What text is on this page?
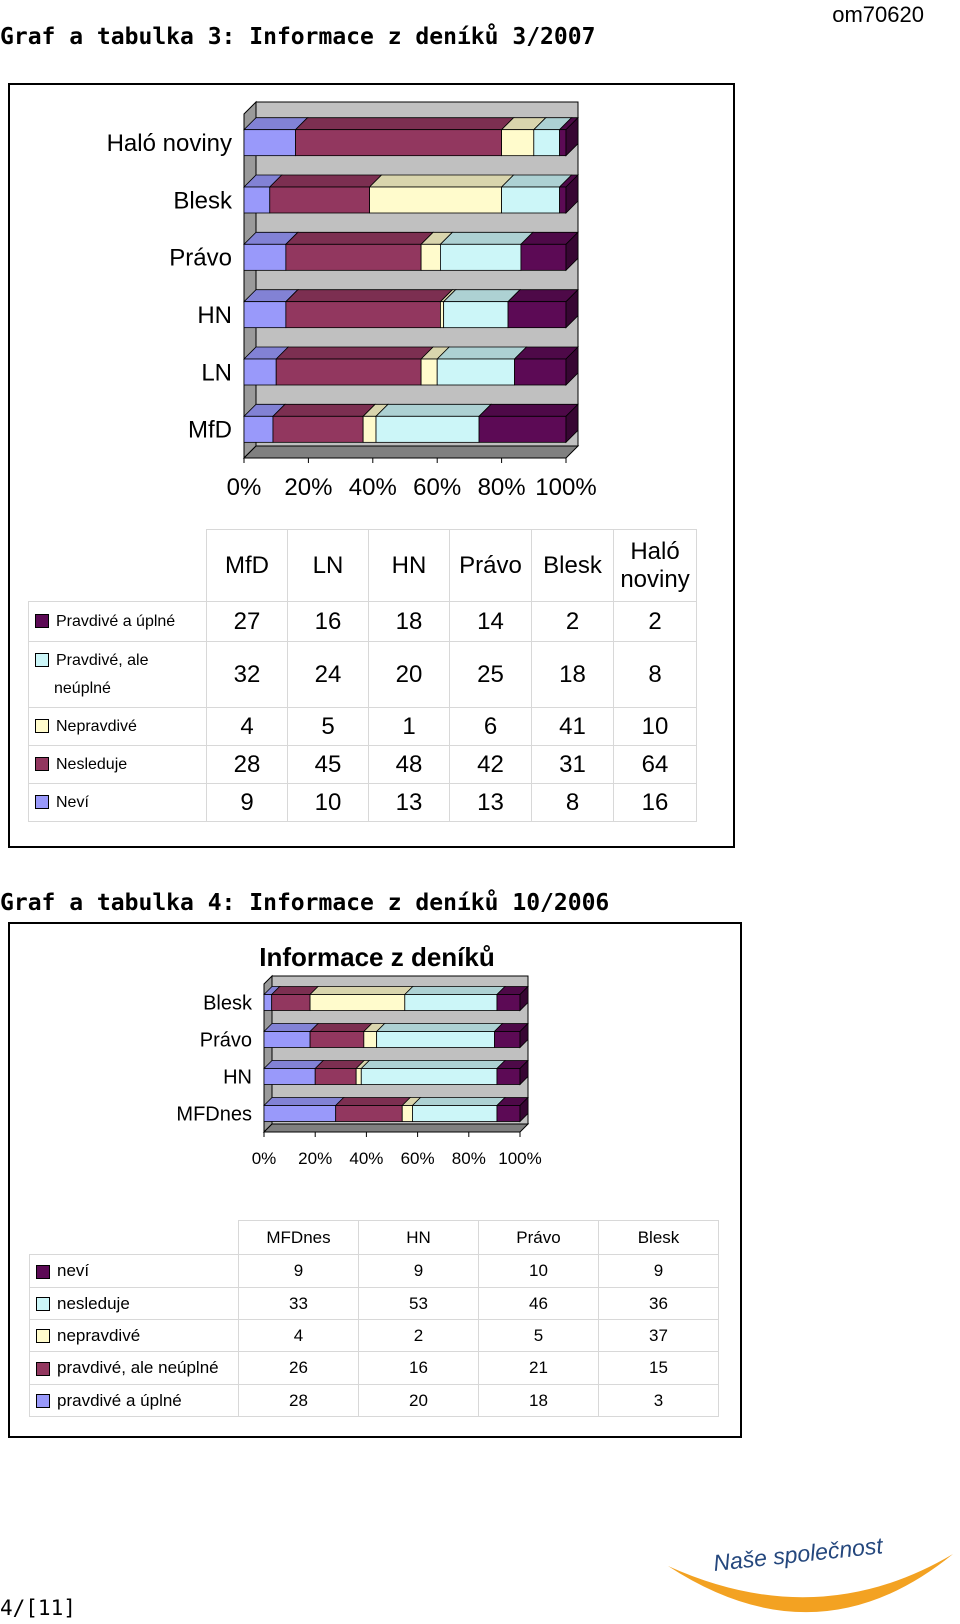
om70620
Graf a tabulka 3: Informace z deníků 3/2007
0% 20% 40% 60% 80% 100%
Haló noviny
Blesk
Právo
HN
LN
MfD
	MfD	LN	HN	Právo	Blesk	Haló
noviny

Pravdivé a úplné	27	16	18	14	2	2
Pravdivé, ale
neúplné	32	24	20	25	18	8
Nepravdivé	4	5	1	6	41	10
Nesleduje	28	45	48	42	31	64
Neví	9	10	13	13	8	16
Graf a tabulka 4: Informace z deníků 10/2006
Informace z deníků
0% 20% 40% 60% 80% 100%
Blesk
Právo
HN
MFDnes
	MFDnes	HN	Právo	Blesk
neví	9	9	10	9
nesleduje	33	53	46	36
nepravdivé	4	2	5	37
pravdivé, ale neúplné	26	16	21	15
pravdivé a úplné	28	20	18	3
4/[11]
Naše společnost
